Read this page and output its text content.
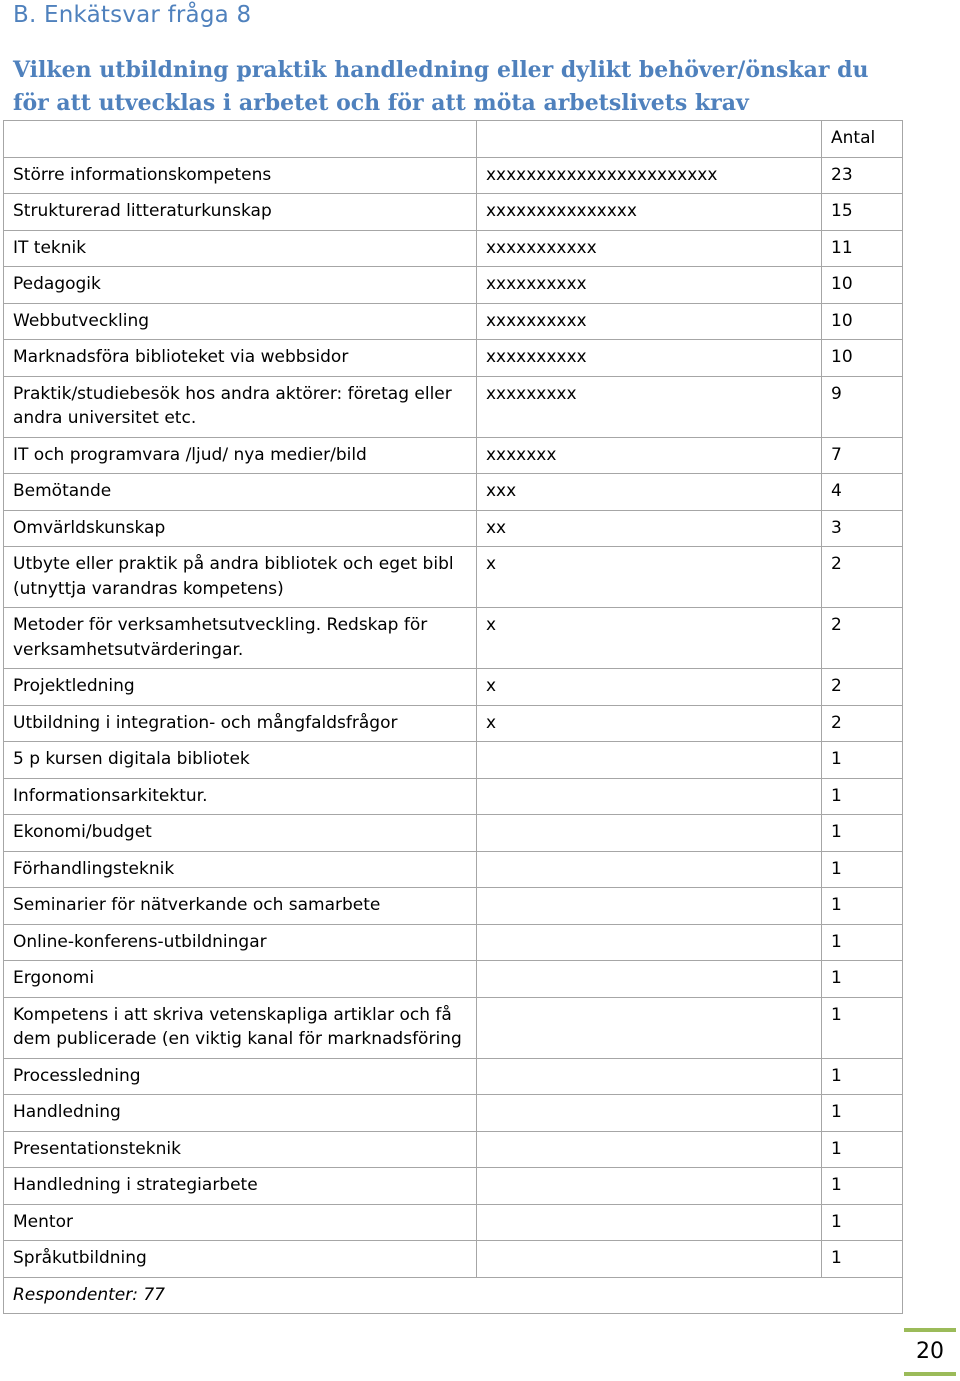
B. Enkätsvar fråga 8
Vilken utbildning praktik handledning eller dylikt behöver/önskar du för att utvecklas i arbetet och för att möta arbetslivets krav
		Antal
Större informationskompetens	xxxxxxxxxxxxxxxxxxxxxxx	23
Strukturerad litteraturkunskap	xxxxxxxxxxxxxxx	15
IT teknik	xxxxxxxxxxx	11
Pedagogik	xxxxxxxxxx	10
Webbutveckling	xxxxxxxxxx	10
Marknadsföra biblioteket via webbsidor	xxxxxxxxxx	10
Praktik/studiebesök hos andra aktörer: företag eller andra universitet etc.	xxxxxxxxx	9
IT och programvara /ljud/ nya medier/bild	xxxxxxx	7
Bemötande	xxx	4
Omvärldskunskap	xx	3
Utbyte eller praktik på andra bibliotek och eget bibl (utnyttja varandras kompetens)	x	2
Metoder för verksamhetsutveckling. Redskap för verksamhetsutvärderingar.	x	2
Projektledning	x	2
Utbildning i integration- och mångfaldsfrågor	x	2
5 p kursen digitala bibliotek		1
Informationsarkitektur.		1
Ekonomi/budget		1
Förhandlingsteknik		1
Seminarier för nätverkande och samarbete		1
Online-konferens-utbildningar		1
Ergonomi		1
Kompetens i att skriva vetenskapliga artiklar och få dem publicerade (en viktig kanal för marknadsföring		1
Processledning		1
Handledning		1
Presentationsteknik		1
Handledning i strategiarbete		1
Mentor		1
Språkutbildning		1
Respondenter: 77		
20
